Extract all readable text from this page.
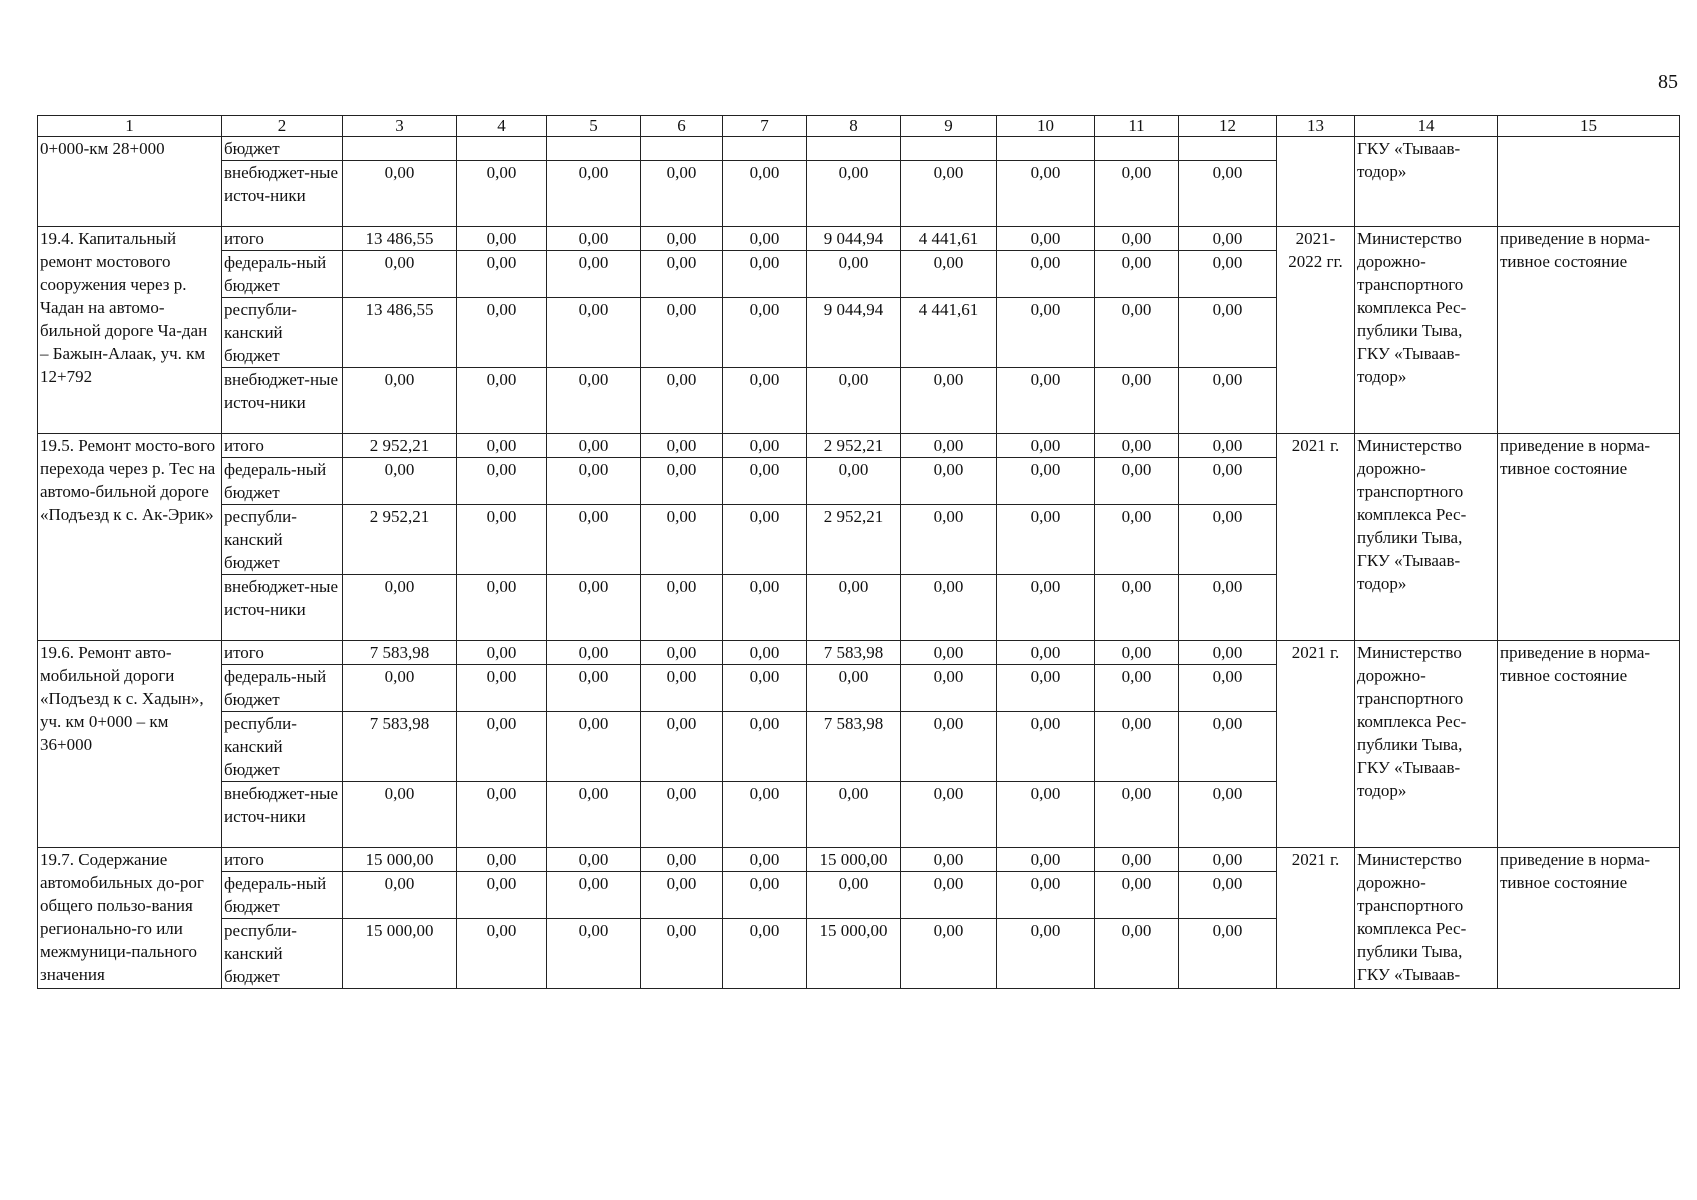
85
1	2	3	4	5	6	7	8	9	10	11	12	13	14	15
0+000-км 28+000	бюджет												ГКУ «Тываав-тодор»	
	внебюджет-ные источ-ники	0,00	0,00	0,00	0,00	0,00	0,00	0,00	0,00	0,00	0,00			
19.4. Капитальный ремонт мостового сооружения через р. Чадан на автомо-бильной дороге Ча-дан – Бажын-Алаак, уч. км 12+792	итого	13 486,55	0,00	0,00	0,00	0,00	9 044,94	4 441,61	0,00	0,00	0,00	2021-2022 гг.	Министерство дорожно-транспортного комплекса Рес-публики Тыва, ГКУ «Тываав-тодор»	приведение в норма-тивное состояние
	федераль-ный бюджет	0,00	0,00	0,00	0,00	0,00	0,00	0,00	0,00	0,00	0,00			
	республи-канский бюджет	13 486,55	0,00	0,00	0,00	0,00	9 044,94	4 441,61	0,00	0,00	0,00			
	внебюджет-ные источ-ники	0,00	0,00	0,00	0,00	0,00	0,00	0,00	0,00	0,00	0,00			
19.5. Ремонт мосто-вого перехода через р. Тес на автомо-бильной дороге «Подъезд к с. Ак-Эрик»	итого	2 952,21	0,00	0,00	0,00	0,00	2 952,21	0,00	0,00	0,00	0,00	2021 г.	Министерство дорожно-транспортного комплекса Рес-публики Тыва, ГКУ «Тываав-тодор»	приведение в норма-тивное состояние
	федераль-ный бюджет	0,00	0,00	0,00	0,00	0,00	0,00	0,00	0,00	0,00	0,00			
	республи-канский бюджет	2 952,21	0,00	0,00	0,00	0,00	2 952,21	0,00	0,00	0,00	0,00			
	внебюджет-ные источ-ники	0,00	0,00	0,00	0,00	0,00	0,00	0,00	0,00	0,00	0,00			
19.6. Ремонт авто-мобильной дороги «Подъезд к с. Хадын», уч. км 0+000 – км 36+000	итого	7 583,98	0,00	0,00	0,00	0,00	7 583,98	0,00	0,00	0,00	0,00	2021 г.	Министерство дорожно-транспортного комплекса Рес-публики Тыва, ГКУ «Тываав-тодор»	приведение в норма-тивное состояние
	федераль-ный бюджет	0,00	0,00	0,00	0,00	0,00	0,00	0,00	0,00	0,00	0,00			
	республи-канский бюджет	7 583,98	0,00	0,00	0,00	0,00	7 583,98	0,00	0,00	0,00	0,00			
	внебюджет-ные источ-ники	0,00	0,00	0,00	0,00	0,00	0,00	0,00	0,00	0,00	0,00			
19.7. Содержание автомобильных до-рог общего пользо-вания регионально-го или межмуници-пального значения	итого	15 000,00	0,00	0,00	0,00	0,00	15 000,00	0,00	0,00	0,00	0,00	2021 г.	Министерство дорожно-транспортного комплекса Рес-публики Тыва, ГКУ «Тываав-	приведение в норма-тивное состояние
	федераль-ный бюджет	0,00	0,00	0,00	0,00	0,00	0,00	0,00	0,00	0,00	0,00			
	республи-канский бюджет	15 000,00	0,00	0,00	0,00	0,00	15 000,00	0,00	0,00	0,00	0,00			
